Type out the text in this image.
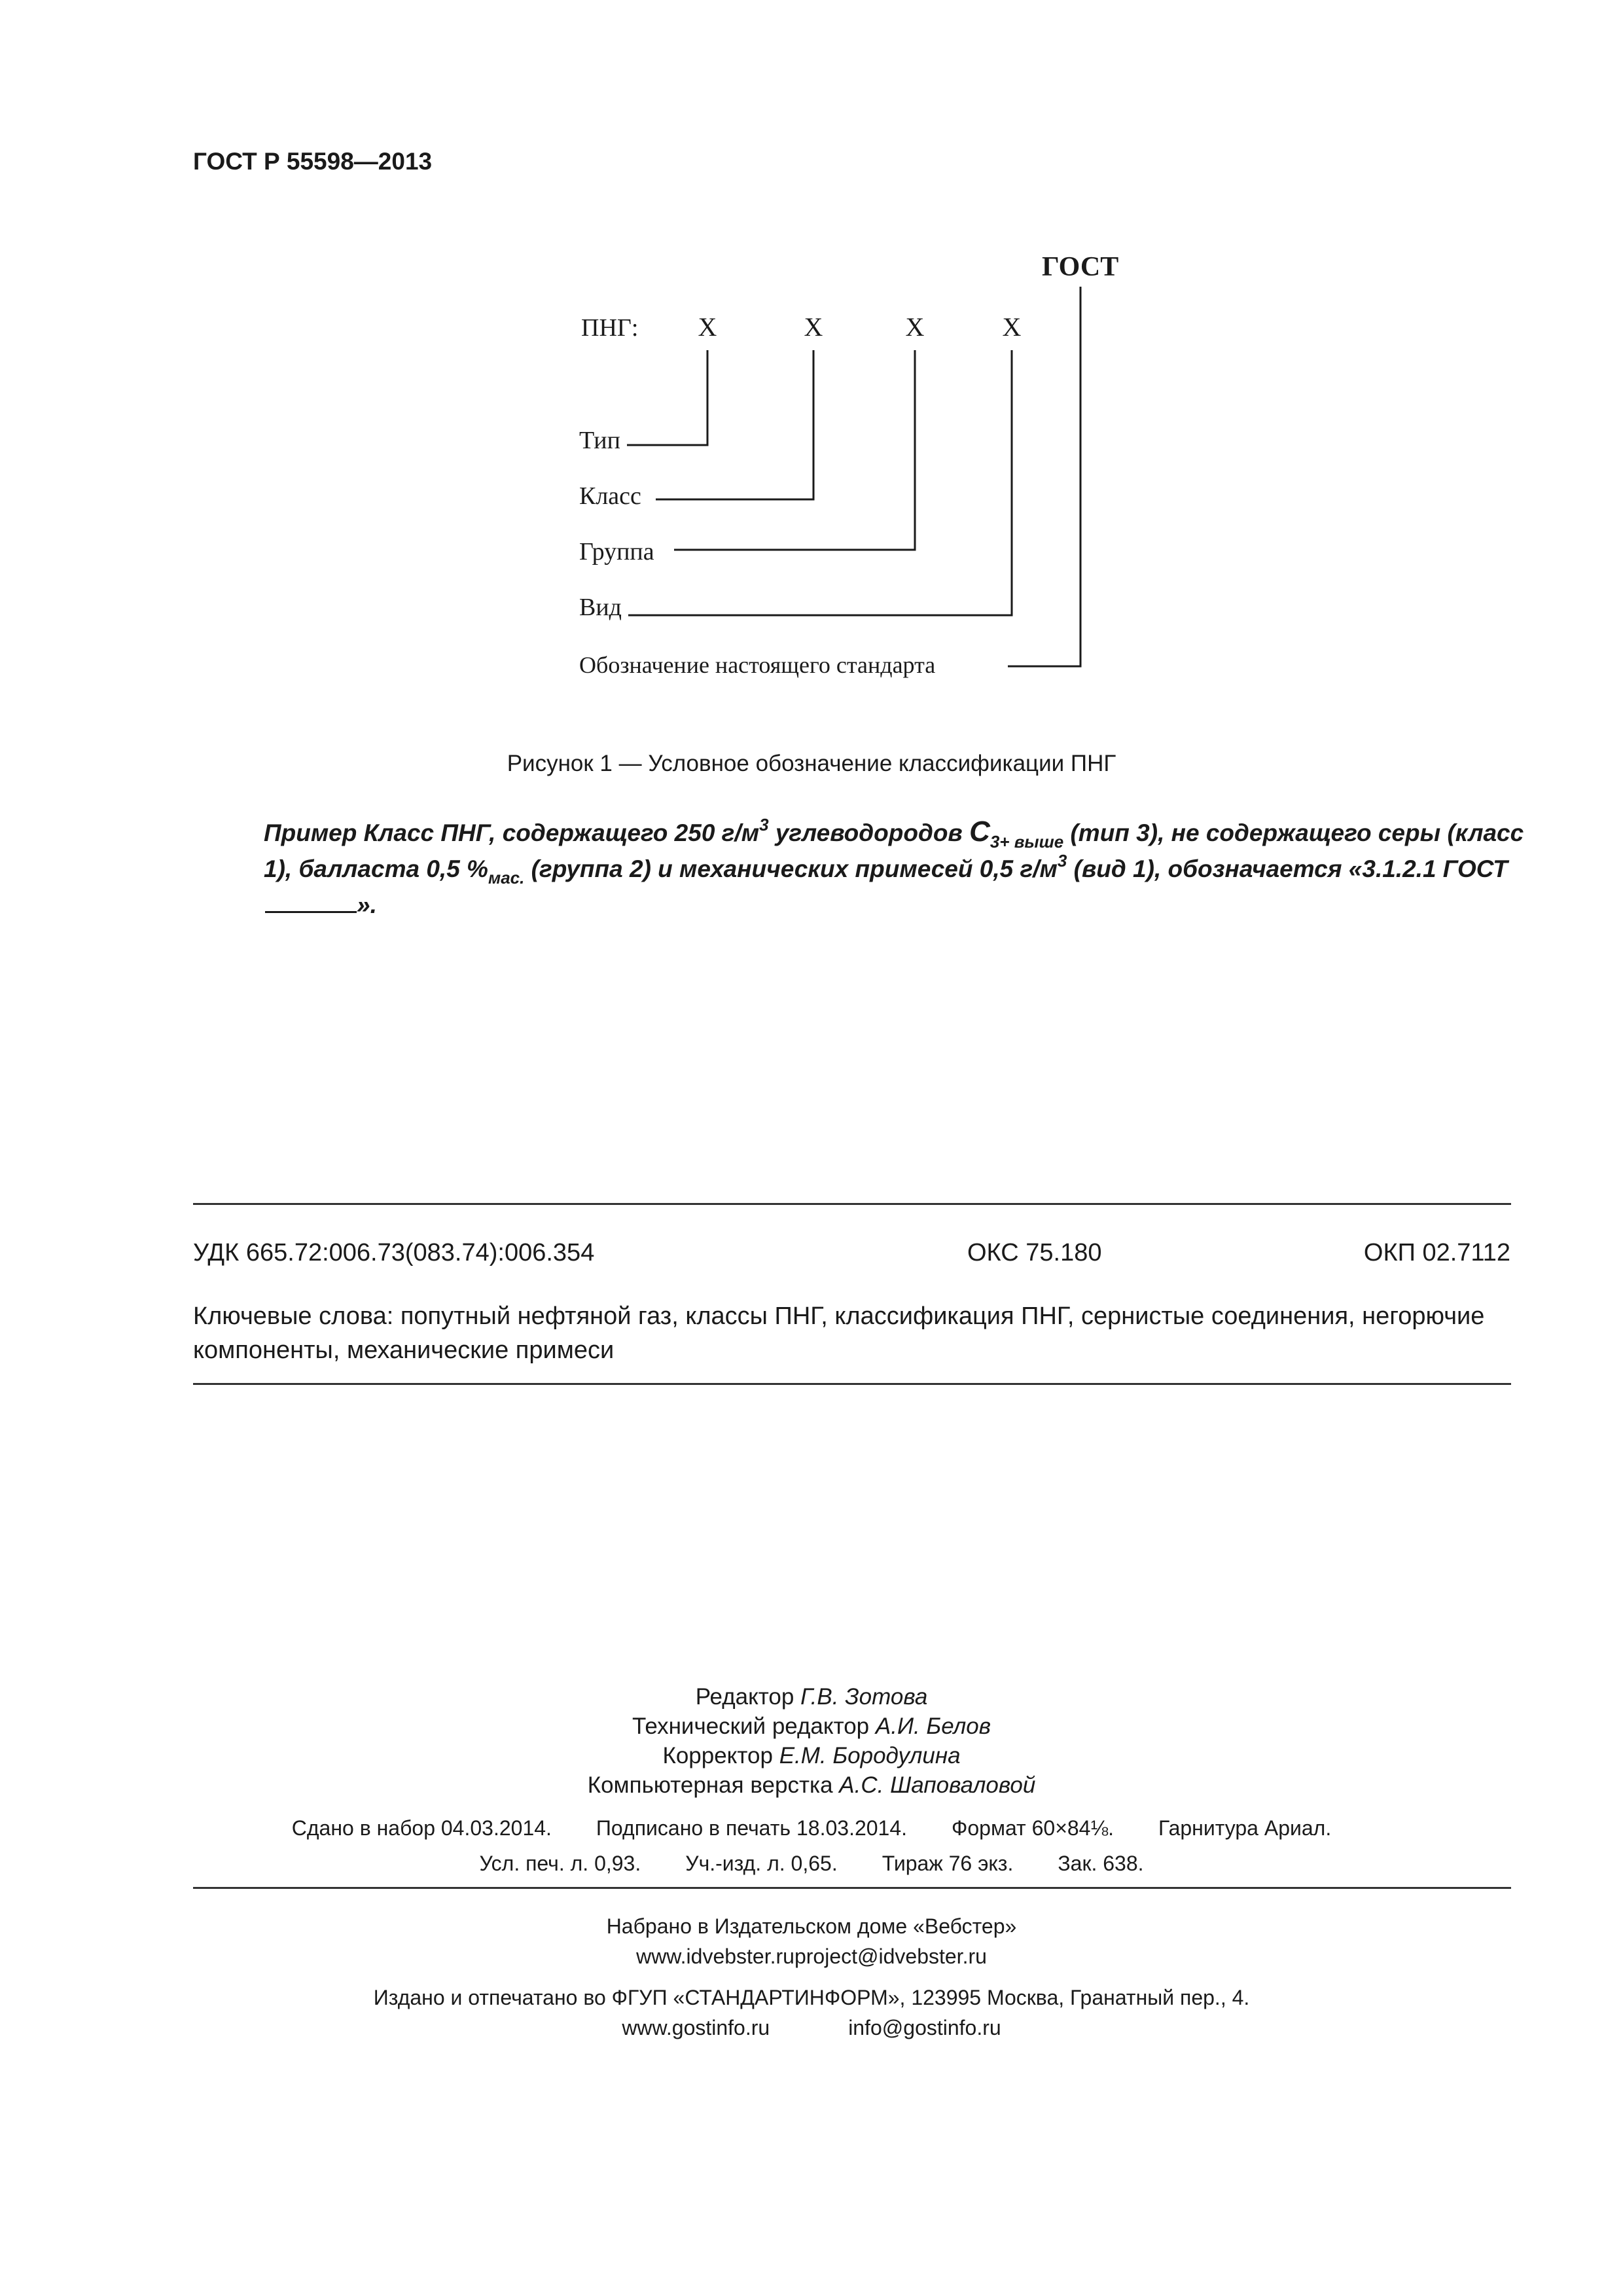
ГОСТ Р 55598—2013
ГОСТ
ПНГ: Х	Х	Х	Х
Тип
Класс
Группа
Вид
Обозначение настоящего стандарта
Рисунок 1 — Условное обозначение классификации ПНГ
Пример Класс ПНГ, содержащего 250 $г/м^3$ углеводородов $С_{3+ выше}$ (тип 3), не содержащего серы (класс 1), балласта 0,5 $\%_{мас.}$ (группа 2) и механических примесей 0,5 $г/м^3$ (вид 1), обозначается «3.1.2.1 ГОСТ».
УДК 665.72:006.73(083.74):006.354	ОКС 75.180	ОКП 02.7112
Ключевые слова: попутный нефтяной газ, классы ПНГ, классификация ПНГ, сернистые соединения, негорючие компоненты, механические примеси
Редактор Г.В. Зотова
Технический редактор А.И. Белов
Корректор Е.М. Бородулина
Компьютерная верстка А.С. Шаповаловой
Сдано в набор 04.03.2014. Подписано в печать 18.03.2014. Формат 60×84⅛. Гарнитура Ариал.
Усл. печ. л. 0,93. Уч.-изд. л. 0,65. Тираж 76 экз. Зак. 638.
Набрано в Издательском доме «Вебстер»
www.idvebster.ruproject@idvebster.ru
Издано и отпечатано во ФГУП «СТАНДАРТИНФОРМ», 123995 Москва, Гранатный пер., 4.
www.gostinfo.ru	info@gostinfo.ru
